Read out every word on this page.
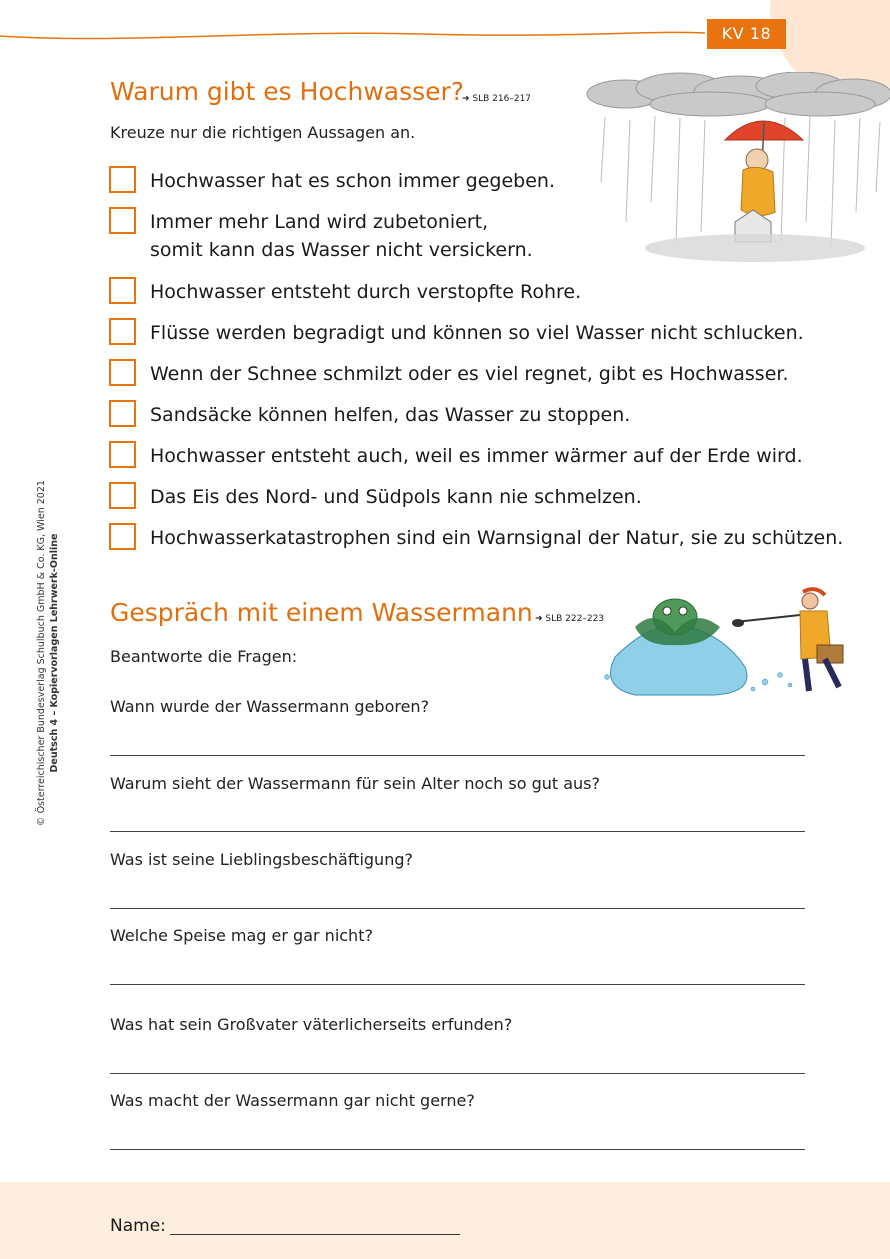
KV 18
Warum gibt es Hochwasser?
➜ SLB 216–217
Kreuze nur die richtigen Aussagen an.
Hochwasser hat es schon immer gegeben.
Immer mehr Land wird zubetoniert,
somit kann das Wasser nicht versickern.
Hochwasser entsteht durch verstopfte Rohre.
Flüsse werden begradigt und können so viel Wasser nicht schlucken.
Wenn der Schnee schmilzt oder es viel regnet, gibt es Hochwasser.
Sandsäcke können helfen, das Wasser zu stoppen.
Hochwasser entsteht auch, weil es immer wärmer auf der Erde wird.
Das Eis des Nord- und Südpols kann nie schmelzen.
Hochwasserkatastrophen sind ein Warnsignal der Natur, sie zu schützen.
Gespräch mit einem Wassermann ➜ SLB 222–223
Beantworte die Fragen:
Wann wurde der Wassermann geboren?
Warum sieht der Wassermann für sein Alter noch so gut aus?
Was ist seine Lieblingsbeschäftigung?
Welche Speise mag er gar nicht?
Was hat sein Großvater väterlicherseits erfunden?
Was macht der Wassermann gar nicht gerne?
Name:
© Österreichischer Bundesverlag Schulbuch GmbH & Co. KG, Wien 2021 Deutsch 4 – Kopiervorlagen Lehrwerk-Online
